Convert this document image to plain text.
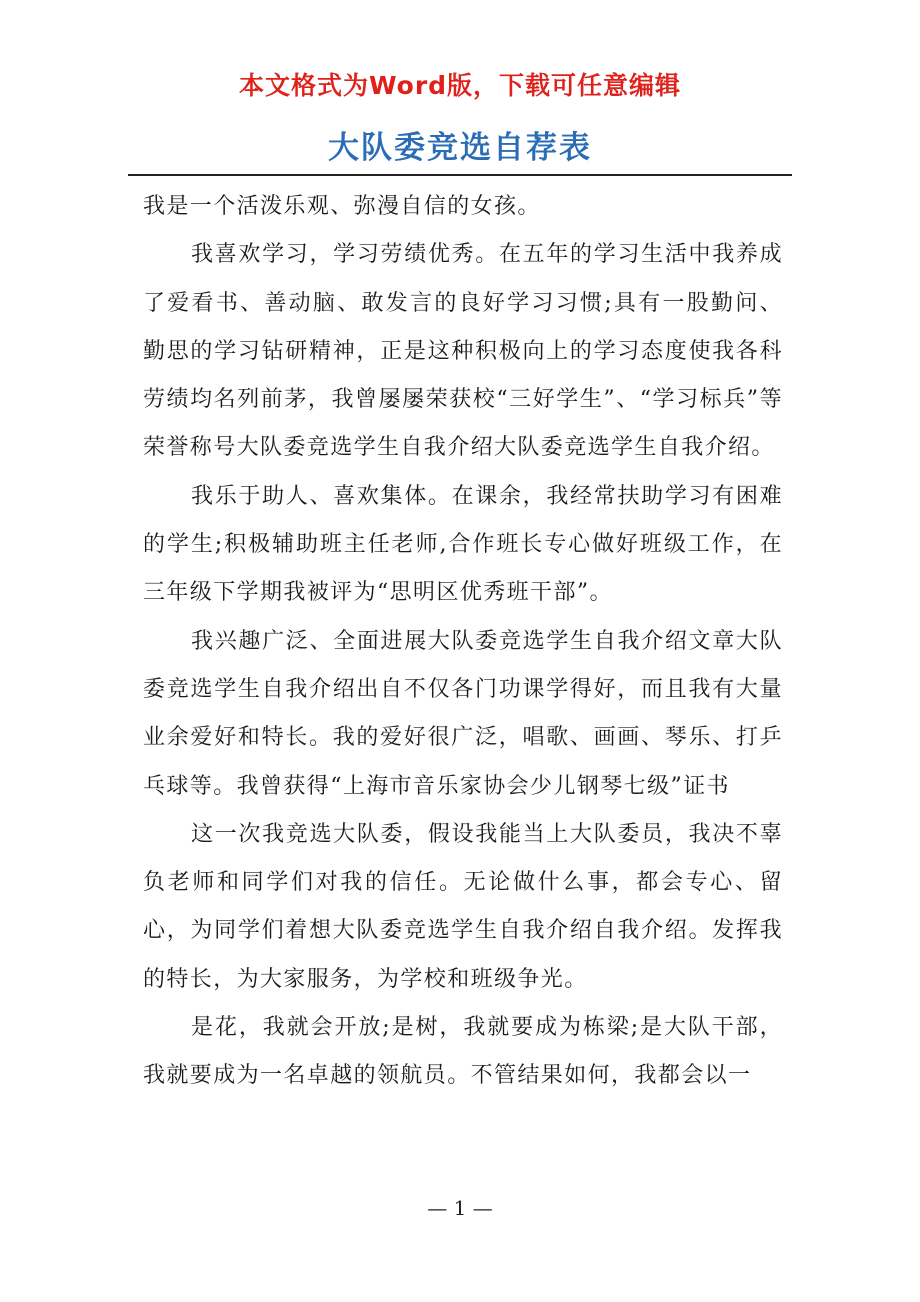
本文格式为Word版，下载可任意编辑
大队委竞选自荐表

我是一个活泼乐观、弥漫自信的女孩。

我喜欢学习，学习劳绩优秀。在五年的学习生活中我养成了爱看书、善动脑、敢发言的良好学习习惯;具有一股勤问、勤思的学习钻研精神，正是这种积极向上的学习态度使我各科劳绩均名列前茅，我曾屡屡荣获校“三好学生”、“学习标兵”等荣誉称号大队委竞选学生自我介绍大队委竞选学生自我介绍。

我乐于助人、喜欢集体。在课余，我经常扶助学习有困难的学生;积极辅助班主任老师,合作班长专心做好班级工作，在三年级下学期我被评为“思明区优秀班干部”。

我兴趣广泛、全面进展大队委竞选学生自我介绍文章大队委竞选学生自我介绍出自不仅各门功课学得好，而且我有大量业余爱好和特长。我的爱好很广泛，唱歌、画画、琴乐、打乒乓球等。我曾获得“上海市音乐家协会少儿钢琴七级”证书

这一次我竞选大队委，假设我能当上大队委员，我决不辜负老师和同学们对我的信任。无论做什么事，都会专心、留心，为同学们着想大队委竞选学生自我介绍自我介绍。发挥我的特长，为大家服务，为学校和班级争光。

是花，我就会开放;是树，我就要成为栋梁;是大队干部，我就要成为一名卓越的领航员。不管结果如何，我都会以一

— 1 —
